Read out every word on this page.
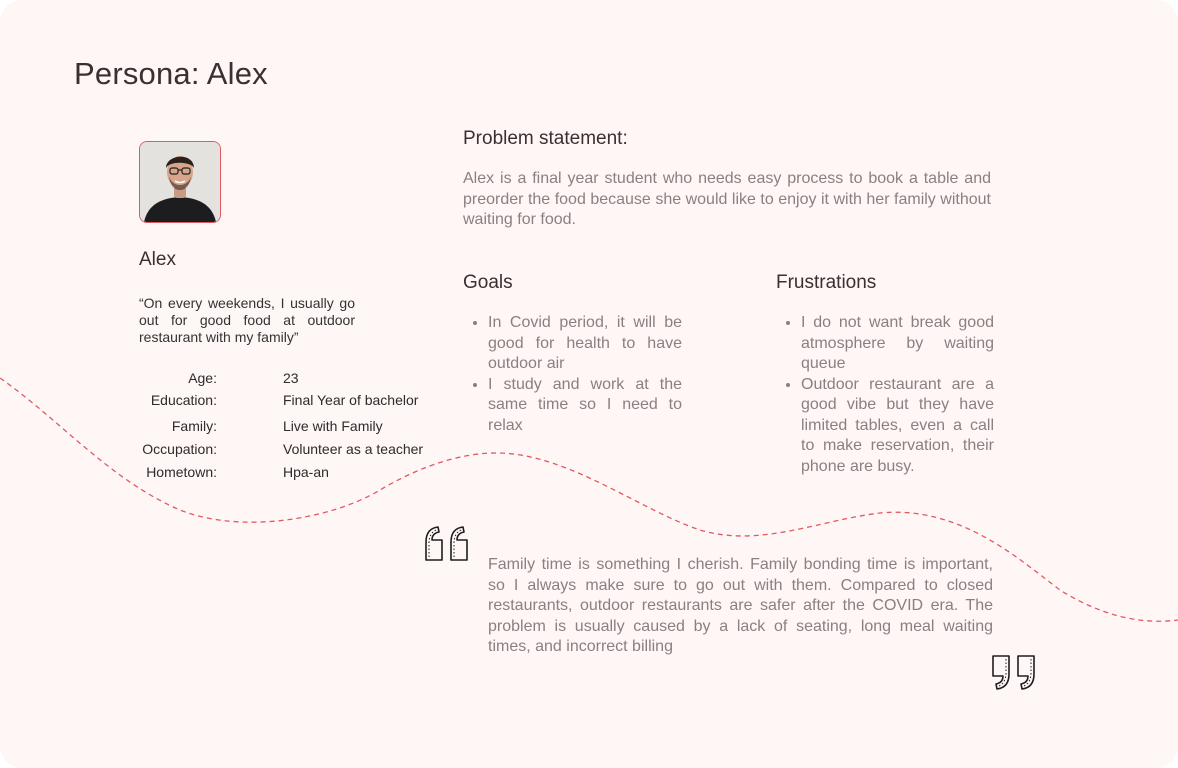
Persona: Alex
Alex
“On every weekends, I usually go out for good food at outdoor restaurant with my family”
Age:	23
Education:	Final Year of bachelor
Family:	Live with Family
Occupation:	Volunteer as a teacher
Hometown:	Hpa-an
Problem statement:
Alex is a final year student who needs easy process to book a table and preorder the food because she would like to enjoy it with her family without waiting for food.
Goals
• In Covid period, it will be good for health to have outdoor air
• I study and work at the same time so I need to relax
Frustrations
• I do not want break good atmosphere by waiting queue
• Outdoor restaurant are a good vibe but they have limited tables, even a call to make reservation, their phone are busy.
Family time is something I cherish. Family bonding time is important, so I always make sure to go out with them. Compared to closed restaurants, outdoor restaurants are safer after the COVID era. The problem is usually caused by a lack of seating, long meal waiting times, and incorrect billing
